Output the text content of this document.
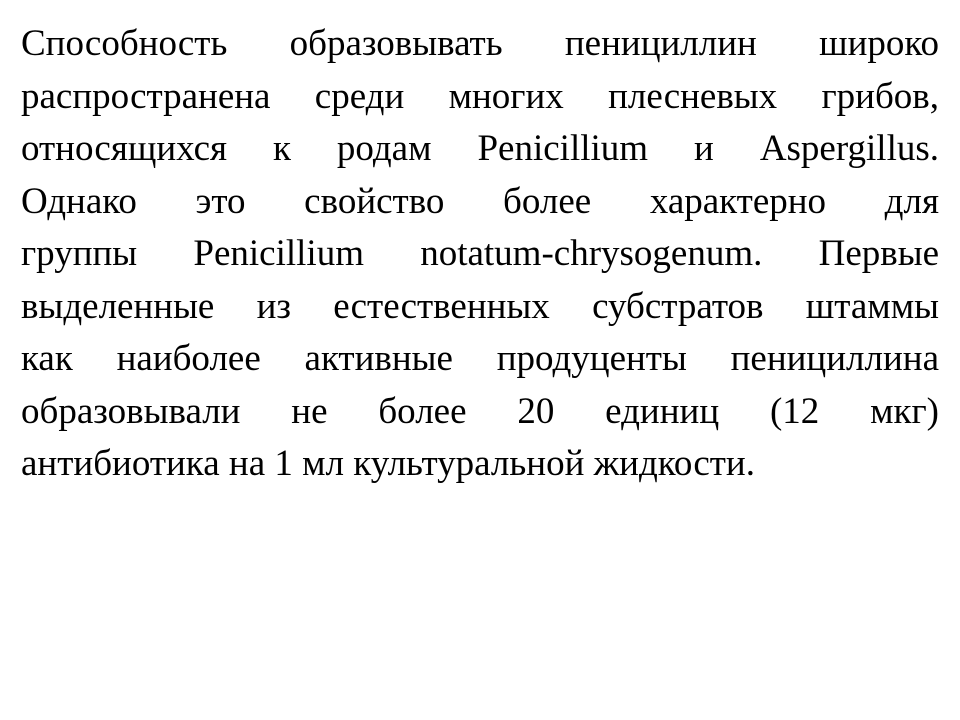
Способность образовывать пенициллин широко
распространена среди многих плесневых грибов,
относящихся к родам Penicillium и Aspergillus.
Однако это свойство более характерно для
группы Penicillium notatum-chrysogenum. Первые
выделенные из естественных субстратов штаммы
как наиболее активные продуценты пенициллина
образовывали не более 20 единиц (12 мкг)
антибиотика на 1 мл культуральной жидкости.
